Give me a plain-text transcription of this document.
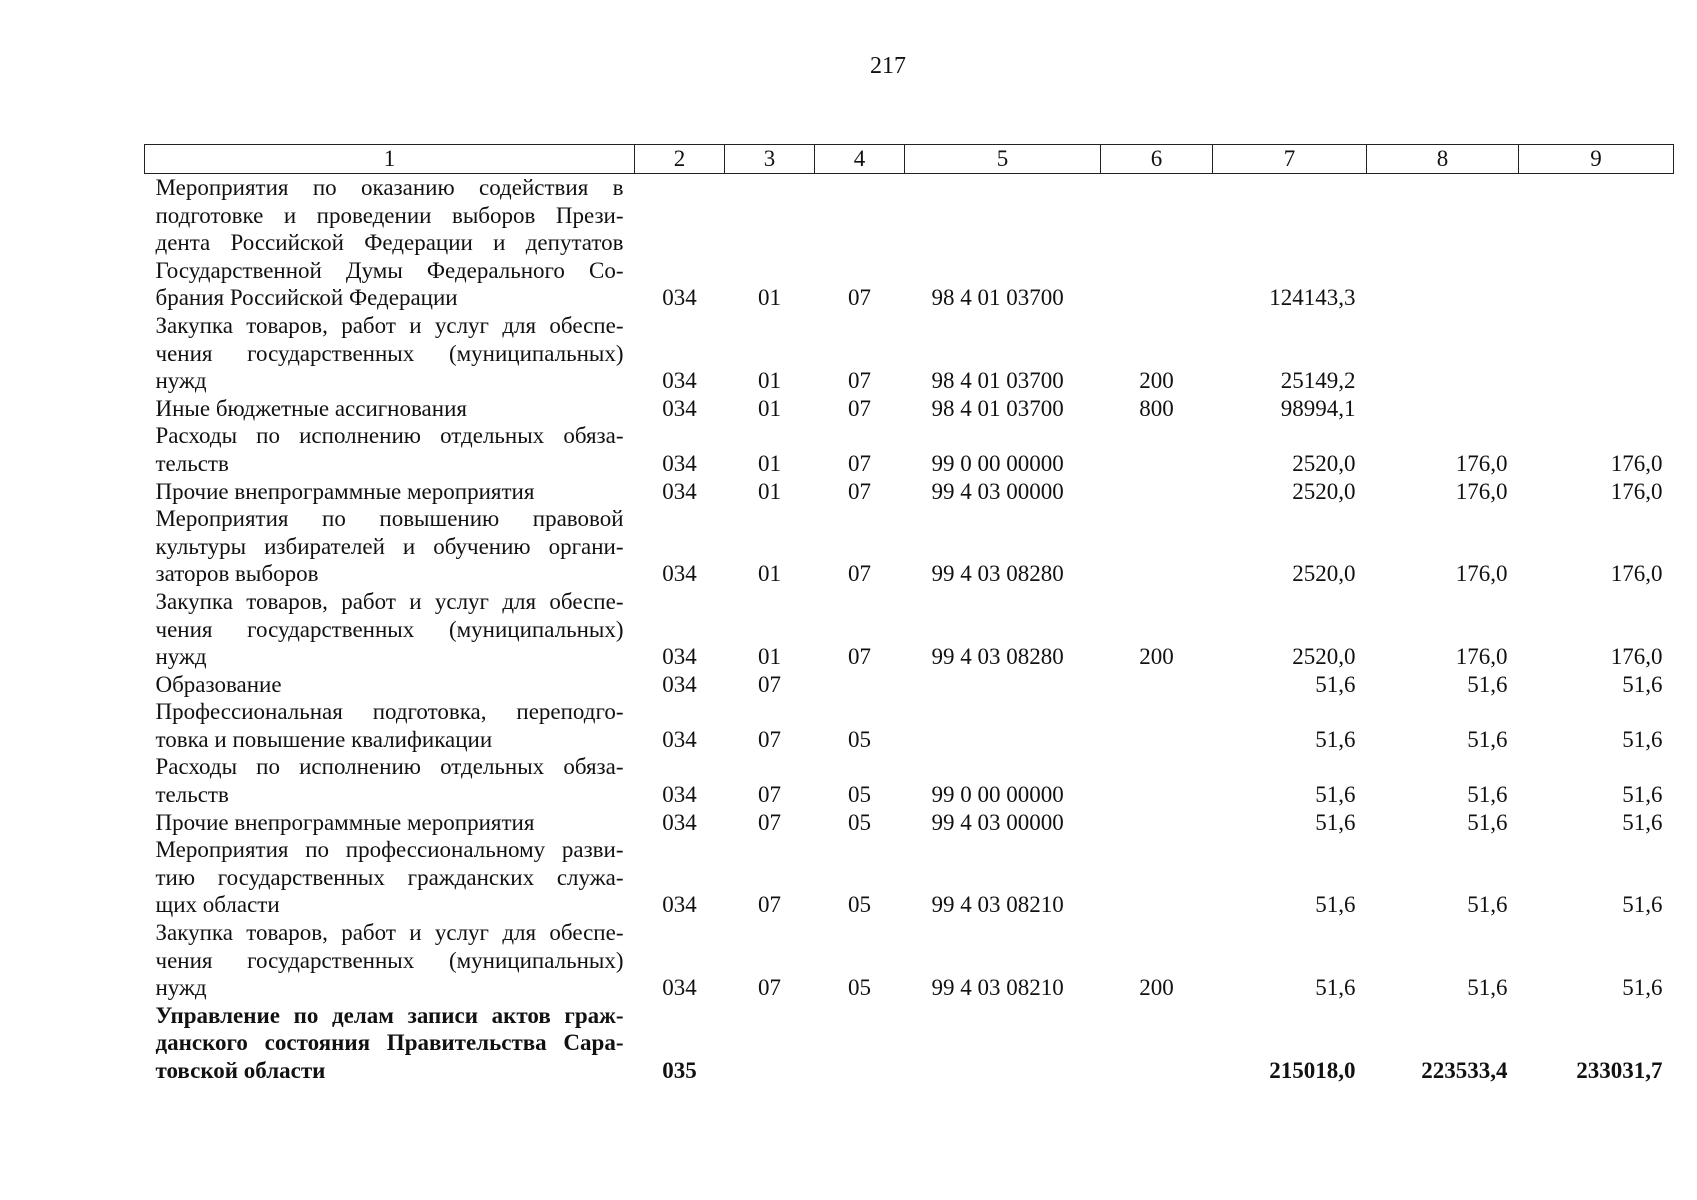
217
1	2	3	4	5	6	7	8	9

Мероприятия по оказанию содействия в
подготовке и проведении выборов Прези-
дента Российской Федерации и депутатов
Государственной Думы Федерального Со-
брания Российской Федерации	034	01	07	98 4 01 03700		124143,3		

Закупка товаров, работ и услуг для обеспе-
чения государственных (муниципальных)
нужд	034	01	07	98 4 01 03700	200	25149,2		

Иные бюджетные ассигнования	034	01	07	98 4 01 03700	800	98994,1		

Расходы по исполнению отдельных обяза-
тельств	034	01	07	99 0 00 00000		2520,0	176,0	176,0

Прочие внепрограммные мероприятия	034	01	07	99 4 03 00000		2520,0	176,0	176,0

Мероприятия по повышению правовой
культуры избирателей и обучению органи-
заторов выборов	034	01	07	99 4 03 08280		2520,0	176,0	176,0

Закупка товаров, работ и услуг для обеспе-
чения государственных (муниципальных)
нужд	034	01	07	99 4 03 08280	200	2520,0	176,0	176,0

Образование	034	07				51,6	51,6	51,6

Профессиональная подготовка, переподго-
товка и повышение квалификации	034	07	05			51,6	51,6	51,6

Расходы по исполнению отдельных обяза-
тельств	034	07	05	99 0 00 00000		51,6	51,6	51,6

Прочие внепрограммные мероприятия	034	07	05	99 4 03 00000		51,6	51,6	51,6

Мероприятия по профессиональному разви-
тию государственных гражданских служа-
щих области	034	07	05	99 4 03 08210		51,6	51,6	51,6

Закупка товаров, работ и услуг для обеспе-
чения государственных (муниципальных)
нужд	034	07	05	99 4 03 08210	200	51,6	51,6	51,6

Управление по делам записи актов граж-
данского состояния Правительства Сара-
товской области	035					215018,0	223533,4	233031,7
